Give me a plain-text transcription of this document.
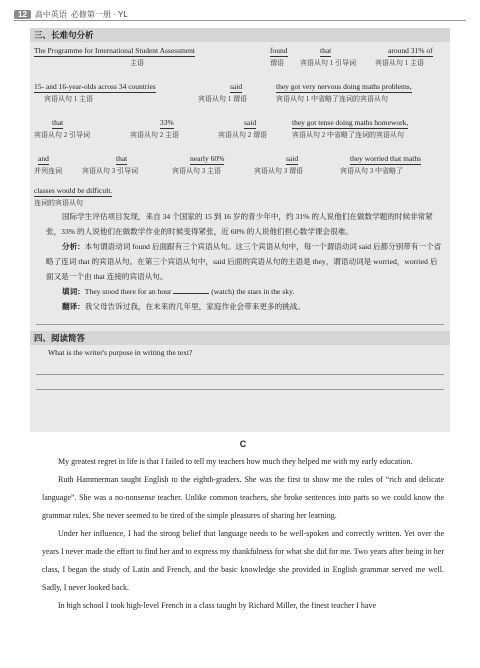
12	高中英语 必修第一册 · YL
三、长难句分析
The Programme for International Student Assessment
主语
found
谓语
that
宾语从句 1 引导词
around 31% of
宾语从句 1 主语
15- and 16-year-olds across 34 countries
宾语从句 1 主语
said
宾语从句 1 谓语
they got very nervous doing maths problems,
宾语从句 1 中省略了连词的宾语从句
that
宾语从句 2 引导词
33%
宾语从句 2 主语
said
宾语从句 2 谓语
they got tense doing maths homework,
宾语从句 2 中省略了连词的宾语从句
and
并列连词
that
宾语从句 3 引导词
nearly 60%
宾语从句 3 主语
said
宾语从句 3 谓语
they worried that maths
宾语从句 3 中省略了
classes would be difficult.
连词的宾语从句
国际学生评估项目发现，来自 34 个国家的 15 到 16 岁的青少年中，约 31% 的人说他们在做数学题的时候非常紧张，33% 的人说他们在做数学作业的时候变得紧张，近 60% 的人说他们担心数学课会很难。
分析：本句谓语动词 found 后面跟有三个宾语从句。这三个宾语从句中，每一个谓语动词 said 后都分别带有一个省略了连词 that 的宾语从句。在第三个宾语从句中，said 后面的宾语从句的主语是 they，谓语动词是 worried，worried 后面又是一个由 that 连接的宾语从句。
填词：They stood there for an hour	(watch) the stars in the sky.
翻译：我父母告诉过我，在未来的几年里，家庭作业会带来更多的挑战。
四、阅读简答
What is the writer's purpose in writing the text?
C

My greatest regret in life is that I failed to tell my teachers how much they helped me with my early education.

Ruth Hammerman taught English to the eighth-graders. She was the first to show me the rules of “rich and delicate language”. She was a no-nonsense teacher. Unlike common teachers, she broke sentences into parts so we could know the grammar rules. She never seemed to be tired of the simple pleasures of sharing her learning.

Under her influence, I had the strong belief that language needs to be well-spoken and correctly written. Yet over the years I never made the effort to find her and to express my thankfulness for what she did for me. Two years after being in her class, I began the study of Latin and French, and the basic knowledge she provided in English grammar served me well. Sadly, I never looked back.

In high school I took high-level French in a class taught by Richard Miller, the finest teacher I have
